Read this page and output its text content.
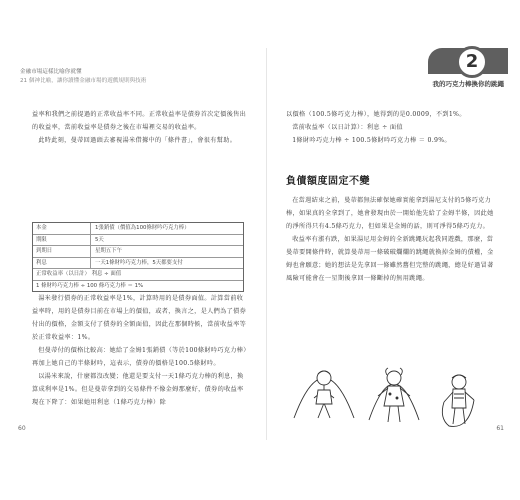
金融市場這樣比喻你就懂
21 個神比喻，讓你讀懂金融市場的遊戲規則與技術

益率和我們之前提過的正常收益率不同。正常收益率是債券首次定價後售出的收益率，當前收益率是債券之後在市場裡交易的收益率。

此時此刻，曼蒂回過頭去審視湯米借據中的「條件書」，會很有幫助。

本金	1張銷債（價值為100條財吟巧克力棒）
期限	5天
到期日	星期五下午
利息	一天1條財吟巧克力棒，5天都要支付
正常收益率（以日計） 利息 ÷ 面值
1 條財吟巧克力棒 ÷ 100 條巧克力棒 ＝ 1%

湯米發行債券的正常收益率是1%，計算時用的是債券面值。計算當前收益率時，用的是債券目前在市場上的價值，或者，換言之，是人們為了債券付出的價格，金額支付了債券的全額面值，因此在那個時候，當前收益率等於正常收益率：1%。

但曼蒂付的價格比較高：她給了金姆1張銷債（等於100條財吟巧克力棒）再加上她自己的半條財吟，這表示，債券的價格是100.5條財吟。

以湯米來說，什麼都沒改變；他還是要支付一天1條巧克力棒的利息，換算成利率是1%。但是曼蒂拿到的交易條件不像金姆那麼好，債券的收益率現在下降了：如果她用利息（1條巧克力棒）除

60
2
我的巧克力棒換你的跳繩

以價格（100.5條巧克力棒），她得到的是0.0009，不到1%。

當前收益率（以日計算）：利息 ÷ 面值

1條財吟巧克力棒 ÷ 100.5條財吟巧克力棒 ＝ 0.9%。

負債額度固定不變

在當週結束之前，曼蒂都無法確保她確實能拿到湯尼支付的5條巧克力棒，如果真的全拿到了，她會發現由於一開始他先給了金姆半條，因此她的淨所得只有4.5條巧克力，但如果是金姆的話，則可淨得5條巧克力。

收益率有漲有跌，如果湯尼用金姆的全新跳繩玩起我同遊戲，那麼，當曼蒂要開條件時，就算曼蒂用一條破破爛爛的跳繩就換掉金姆的債權，金姆也會願意；她的想法是先拿回一條雖然舊但完整的跳繩，總是好過冒著風險可能會在一星期後拿回一條斷掉的無用跳繩。

61
